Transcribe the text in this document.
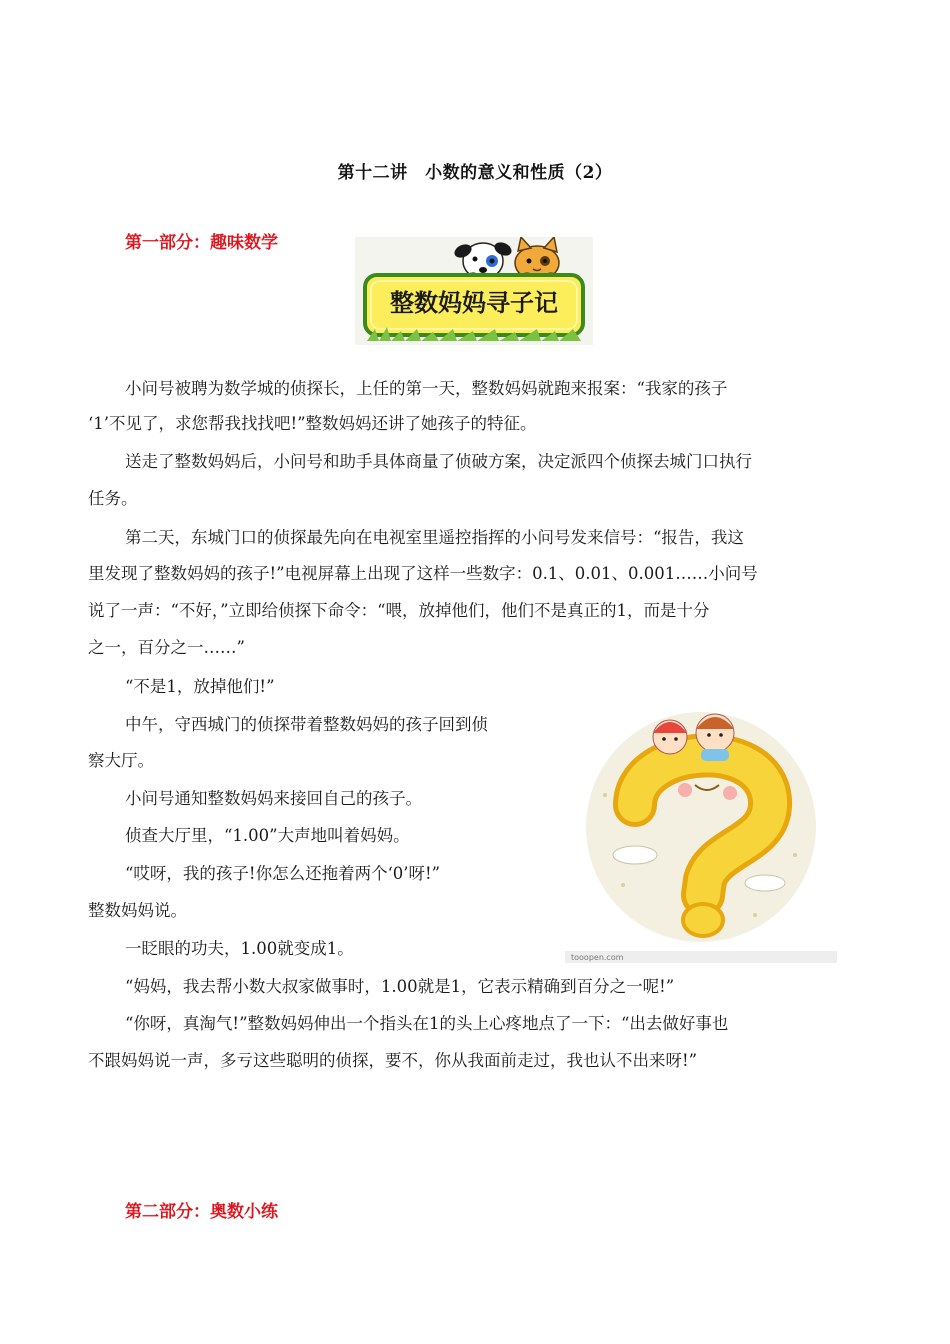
第十二讲　小数的意义和性质（2）
第一部分：趣味数学
整数妈妈寻子记
小问号被聘为数学城的侦探长，上任的第一天，整数妈妈就跑来报案：“我家的孩子
‘1’不见了，求您帮我找找吧!”整数妈妈还讲了她孩子的特征。
送走了整数妈妈后，小问号和助手具体商量了侦破方案，决定派四个侦探去城门口执行
任务。
第二天，东城门口的侦探最先向在电视室里遥控指挥的小问号发来信号：“报告，我这
里发现了整数妈妈的孩子!”电视屏幕上出现了这样一些数字：0.1、0.01、0.001……小问号
说了一声：“不好，”立即给侦探下命令：“喂，放掉他们，他们不是真正的1，而是十分
之一，百分之一……”
“不是1，放掉他们!”
中午，守西城门的侦探带着整数妈妈的孩子回到侦
察大厅。
小问号通知整数妈妈来接回自己的孩子。
侦查大厅里，“1.00”大声地叫着妈妈。
“哎呀，我的孩子!你怎么还拖着两个‘0’呀!”
整数妈妈说。
一眨眼的功夫，1.00就变成1。
“妈妈，我去帮小数大叔家做事时，1.00就是1，它表示精确到百分之一呢!”
“你呀，真淘气!”整数妈妈伸出一个指头在1的头上心疼地点了一下：“出去做好事也
不跟妈妈说一声，多亏这些聪明的侦探，要不，你从我面前走过，我也认不出来呀!”
tooopen.com
第二部分：奥数小练
